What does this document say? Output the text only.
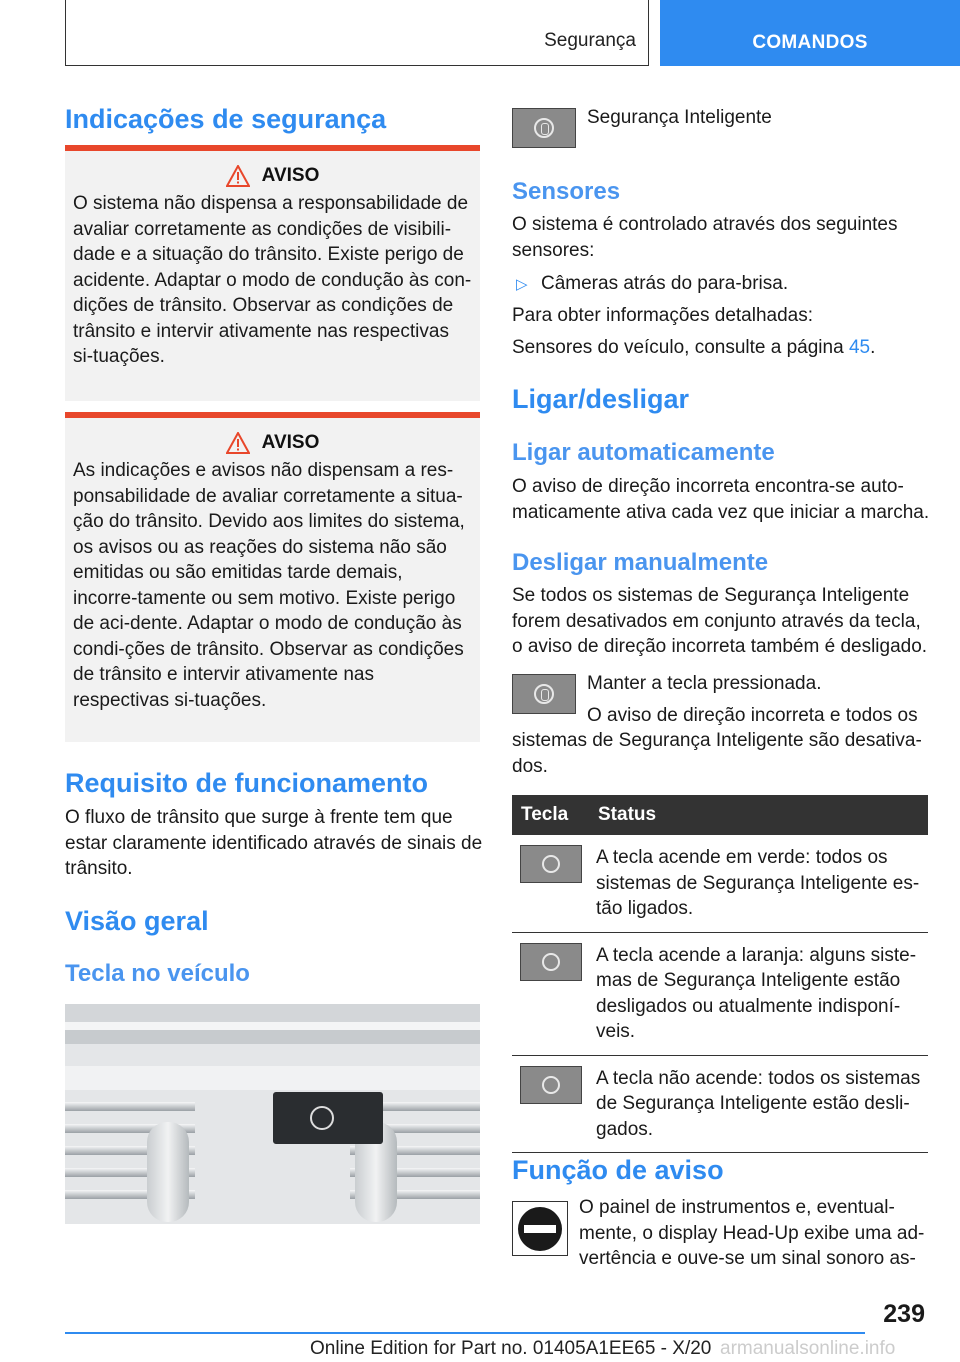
Segurança	COMANDOS
Indicações de segurança
AVISO
O sistema não dispensa a responsabilidade de avaliar corretamente as condições de visibili-dade e a situação do trânsito. Existe perigo de acidente. Adaptar o modo de condução às con-dições de trânsito. Observar as condições de trânsito e intervir ativamente nas respectivas si-tuações.
AVISO
As indicações e avisos não dispensam a res-ponsabilidade de avaliar corretamente a situa-ção do trânsito. Devido aos limites do sistema, os avisos ou as reações do sistema não são emitidas ou são emitidas tarde demais, incorre-tamente ou sem motivo. Existe perigo de aci-dente. Adaptar o modo de condução às condi-ções de trânsito. Observar as condições de trânsito e intervir ativamente nas respectivas si-tuações.
Requisito de funcionamento
O fluxo de trânsito que surge à frente tem que estar claramente identificado através de sinais de trânsito.
Visão geral
Tecla no veículo
Segurança Inteligente
Sensores
O sistema é controlado através dos seguintes sensores:
▷ Câmeras atrás do para-brisa.
Para obter informações detalhadas:
Sensores do veículo, consulte a página 45.
Ligar/desligar
Ligar automaticamente
O aviso de direção incorreta encontra-se auto-maticamente ativa cada vez que iniciar a marcha.
Desligar manualmente
Se todos os sistemas de Segurança Inteligente forem desativados em conjunto através da tecla, o aviso de direção incorreta também é desligado.
Manter a tecla pressionada.
O aviso de direção incorreta e todos os
sistemas de Segurança Inteligente são desativa-dos.
Tecla	Status

	A tecla acende em verde: todos os sistemas de Segurança Inteligente es-tão ligados.

	A tecla acende a laranja: alguns siste-mas de Segurança Inteligente estão desligados ou atualmente indisponí-veis.

	A tecla não acende: todos os sistemas de Segurança Inteligente estão desli-gados.
Função de aviso
O painel de instrumentos e, eventual-mente, o display Head-Up exibe uma ad-vertência e ouve-se um sinal sonoro as-
239
Online Edition for Part no. 01405A1EE65 - X/20 armanualsonline.info
